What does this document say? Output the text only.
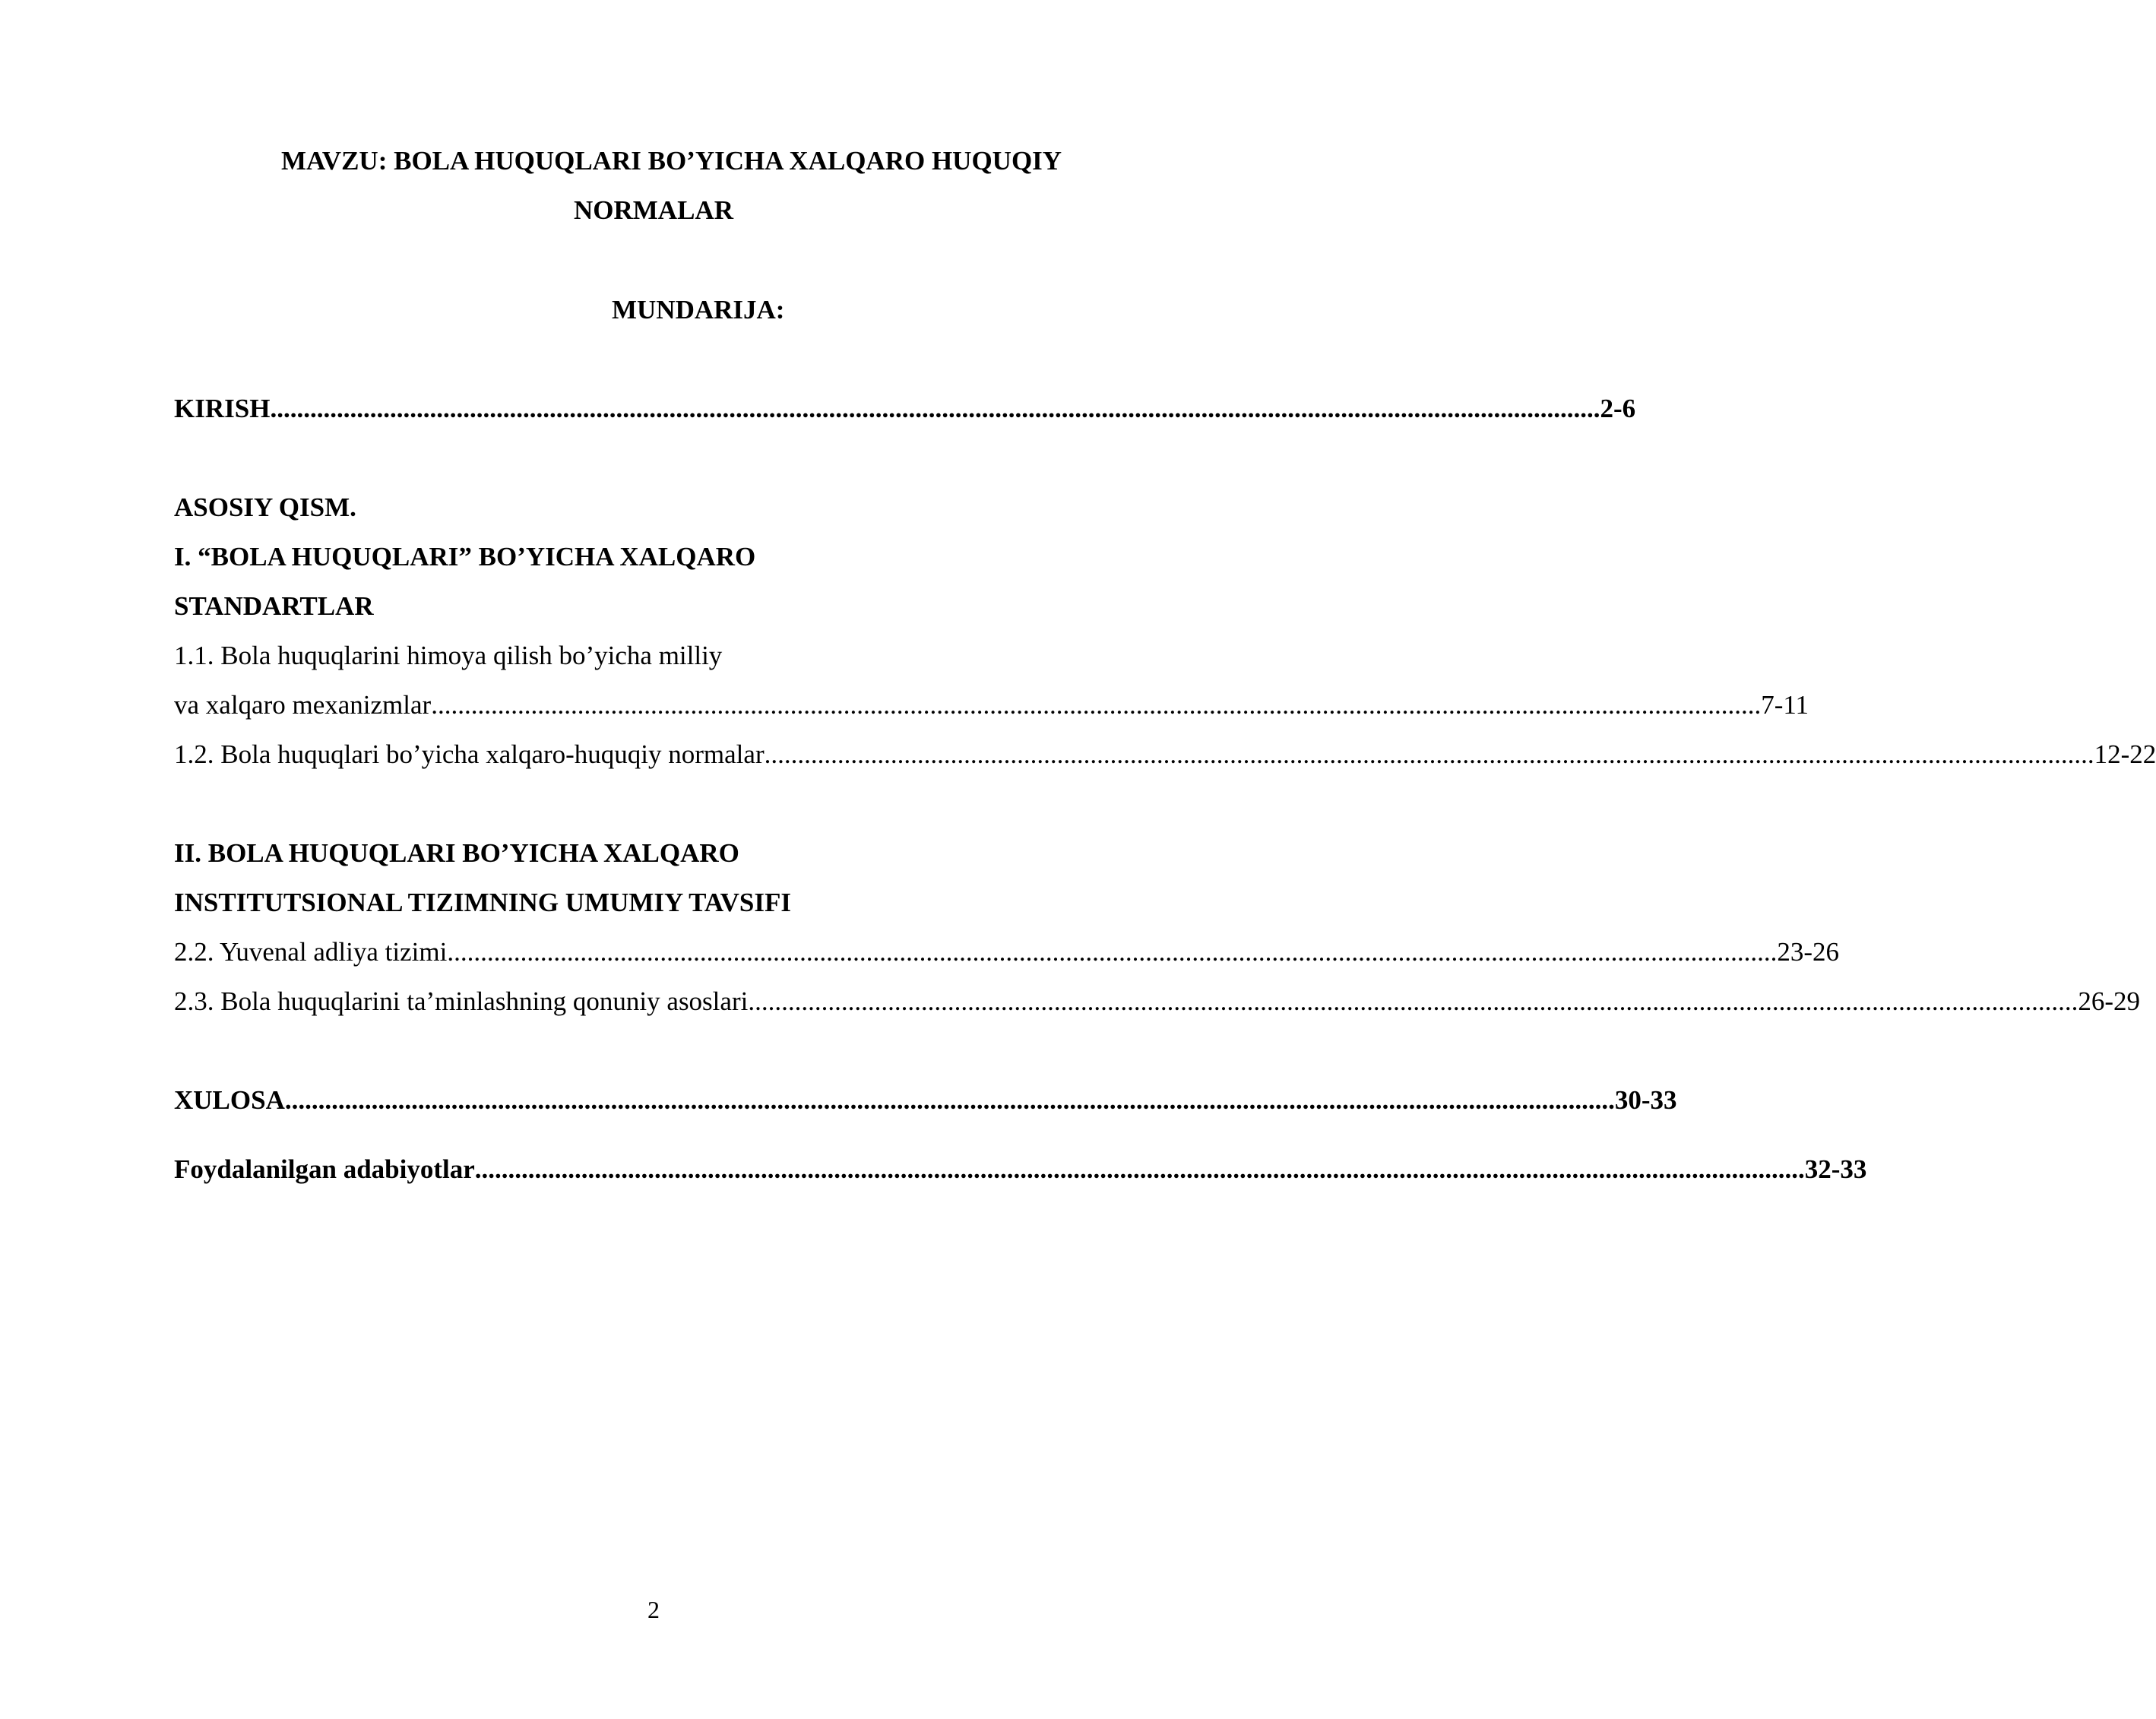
MAVZU: BOLA HUQUQLARI BO’YICHA XALQARO HUQUQIY
NORMALAR
MUNDARIJA:
KIRISH ........................................................................................................................................................................................................ 2-6
ASOSIY QISM.
I. “BOLA HUQUQLARI” BO’YICHA XALQARO
STANDARTLAR
1.1. Bola huquqlarini himoya qilish bo’yicha milliy
va xalqaro mexanizmlar ........................................................................................................................................................................................................ 7-11
1.2. Bola huquqlari bo’yicha xalqaro-huquqiy normalar ........................................................................................................................................................................................................ 12-22
II. BOLA HUQUQLARI BO’YICHA XALQARO
INSTITUTSIONAL TIZIMNING UMUMIY TAVSIFI
2.2. Yuvenal adliya tizimi ........................................................................................................................................................................................................ 23-26
2.3. Bola huquqlarini ta’minlashning qonuniy asoslari ........................................................................................................................................................................................................ 26-29
XULOSA ........................................................................................................................................................................................................ 30-33
Foydalanilgan adabiyotlar ........................................................................................................................................................................................................ 32-33
2
